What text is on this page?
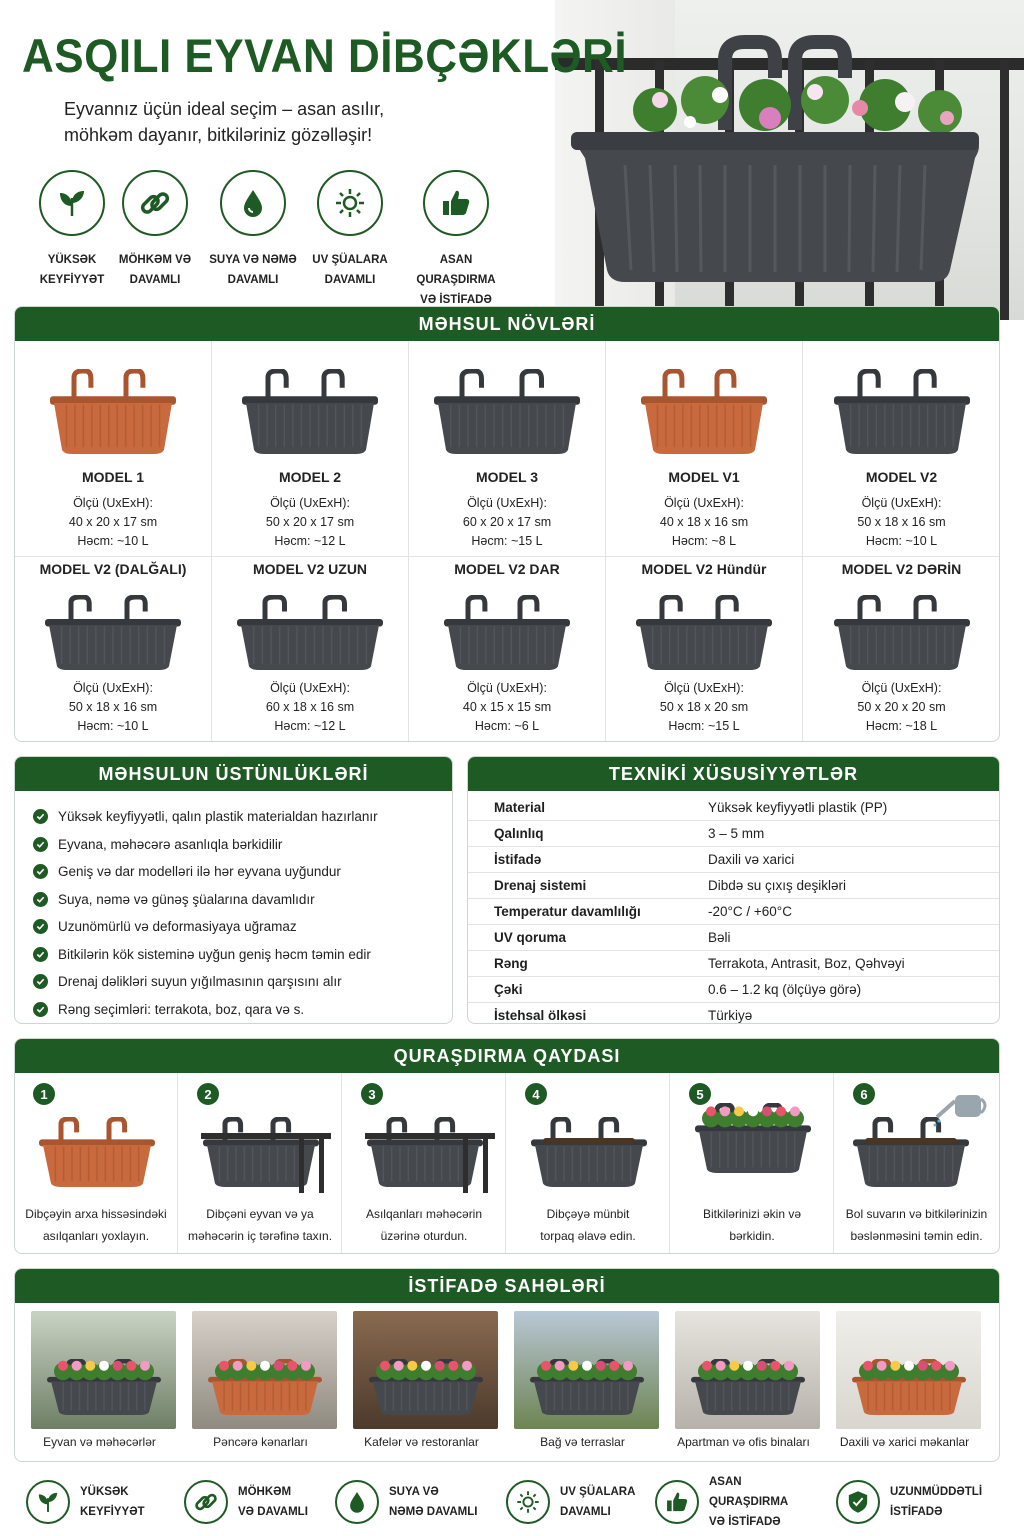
ASQILI EYVAN DİBÇƏKLƏRİ
Eyvannız üçün ideal seçim – asan asılır,
möhkəm dayanır, bitkiləriniz gözəlləşir!
YÜKSƏK
KEYFİYYƏT
MÖHKƏM VƏ
DAVAMLI
SUYA VƏ NƏMƏ
DAVAMLI
UV ŞÜALARA
DAVAMLI
ASAN QURAŞDIRMA
VƏ İSTİFADƏ
MƏHSUL NÖVLƏRİ
MODEL 1
Ölçü (UxExH):
40 x 20 x 17 sm
Həcm: ~10 L
MODEL 2
Ölçü (UxExH):
50 x 20 x 17 sm
Həcm: ~12 L
MODEL 3
Ölçü (UxExH):
60 x 20 x 17 sm
Həcm: ~15 L
MODEL V1
Ölçü (UxExH):
40 x 18 x 16 sm
Həcm: ~8 L
MODEL V2
Ölçü (UxExH):
50 x 18 x 16 sm
Həcm: ~10 L
MODEL V2 (DALĞALI)
Ölçü (UxExH):
50 x 18 x 16 sm
Həcm: ~10 L
MODEL V2 UZUN
Ölçü (UxExH):
60 x 18 x 16 sm
Həcm: ~12 L
MODEL V2 DAR
Ölçü (UxExH):
40 x 15 x 15 sm
Həcm: ~6 L
MODEL V2 Hündür
Ölçü (UxExH):
50 x 18 x 20 sm
Həcm: ~15 L
MODEL V2 DƏRİN
Ölçü (UxExH):
50 x 20 x 20 sm
Həcm: ~18 L
MƏHSULUN ÜSTÜNLÜKLƏRİ
Yüksək keyfiyyətli, qalın plastik materialdan hazırlanır
Eyvana, məhəcərə asanlıqla bərkidilir
Geniş və dar modelləri ilə hər eyvana uyğundur
Suya, nəmə və günəş şüalarına davamlıdır
Uzunömürlü və deformasiyaya uğramaz
Bitkilərin kök sisteminə uyğun geniş həcm təmin edir
Drenaj dəlikləri suyun yığılmasının qarşısını alır
Rəng seçimləri: terrakota, boz, qara və s.
TEXNİKİ XÜSUSİYYƏTLƏR
Material	Yüksək keyfiyyətli plastik (PP)
Qalınlıq	3 – 5 mm
İstifadə	Daxili və xarici
Drenaj sistemi	Dibdə su çıxış deşikləri
Temperatur davamlılığı	-20°C / +60°C
UV qoruma	Bəli
Rəng	Terrakota, Antrasit, Boz, Qəhvəyi
Çəki	0.6 – 1.2 kq (ölçüyə görə)
İstehsal ölkəsi	Türkiyə
QURAŞDIRMA QAYDASI
1
Dibçəyin arxa hissəsindəki
asılqanları yoxlayın.
2
Dibçəni eyvan və ya
məhəcərin iç tərəfinə taxın.
3
Asılqanları məhəcərin
üzərinə oturdun.
4
Dibçəyə münbit
torpaq əlavə edin.
5
Bitkilərinizi əkin və
bərkidin.
6
Bol suvarın və bitkilərinizin
bəslənməsini təmin edin.
İSTİFADƏ SAHƏLƏRİ
Eyvan və məhəcərlər	Pəncərə kənarları	Kafelər və restoranlar	Bağ və terraslar	Apartman və ofis binaları	Daxili və xarici məkanlar
YÜKSƏK
KEYFİYYƏT
MÖHKƏM
VƏ DAVAMLI
SUYA VƏ
NƏMƏ DAVAMLI
UV ŞÜALARA
DAVAMLI
ASAN QURAŞDIRMA
VƏ İSTİFADƏ
UZUNMÜDDƏTLİ
İSTİFADƏ
